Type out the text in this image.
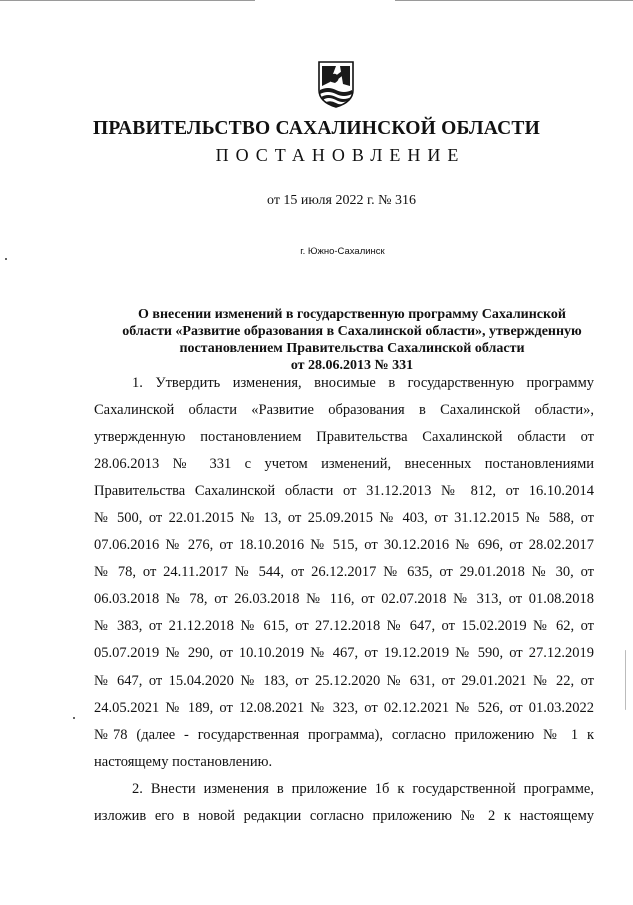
ПРАВИТЕЛЬСТВО САХАЛИНСКОЙ ОБЛАСТИ
ПОСТАНОВЛЕНИЕ
от 15 июля 2022 г. № 316
г. Южно-Сахалинск
О внесении изменений в государственную программу Сахалинской
области «Развитие образования в Сахалинской области», утвержденную
постановлением Правительства Сахалинской области
от 28.06.2013 № 331
1. Утвердить изменения, вносимые в государственную программу
Сахалинской области «Развитие образования в Сахалинской области»,
утвержденную постановлением Правительства Сахалинской области от
28.06.2013 № 331 с учетом изменений, внесенных постановлениями
Правительства Сахалинской области от 31.12.2013 № 812, от 16.10.2014
№ 500, от 22.01.2015 № 13, от 25.09.2015 № 403, от 31.12.2015 № 588, от
07.06.2016 № 276, от 18.10.2016 № 515, от 30.12.2016 № 696, от 28.02.2017
№ 78, от 24.11.2017 № 544, от 26.12.2017 № 635, от 29.01.2018 № 30, от
06.03.2018 № 78, от 26.03.2018 № 116, от 02.07.2018 № 313, от 01.08.2018
№ 383, от 21.12.2018 № 615, от 27.12.2018 № 647, от 15.02.2019 № 62, от
05.07.2019 № 290, от 10.10.2019 № 467, от 19.12.2019 № 590, от 27.12.2019
№ 647, от 15.04.2020 № 183, от 25.12.2020 № 631, от 29.01.2021 № 22, от
24.05.2021 № 189, от 12.08.2021 № 323, от 02.12.2021 № 526, от 01.03.2022
№78 (далее - государственная программа), согласно приложению № 1 к
настоящему постановлению.
2. Внести изменения в приложение 1б к государственной программе,
изложив его в новой редакции согласно приложению № 2 к настоящему
